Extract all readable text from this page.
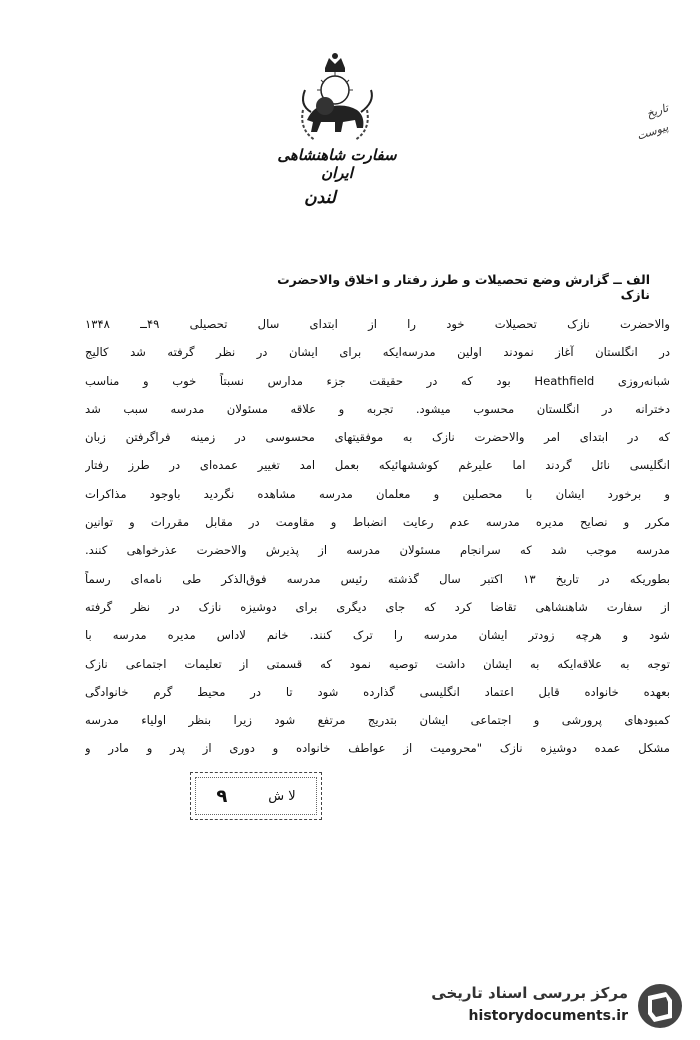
سفارت شاهنشاهی ایران
لندن
تاریخ
پیوست
الف ــ گزارش وضع تحصیلات و طرز رفتار و اخلاق والاحضرت نازک
والاحضرت نازک تحصیلات خود را از ابتدای سال تحصیلی ۴۹ــ ۱۳۴۸
در انگلستان آغاز نمودند اولین مدرسه‌ایکه برای ایشان در نظر گرفته شد کالیج
شبانه‌روزی Heathfield بود که در حقیقت جزء مدارس نسبتاً خوب و مناسب
دخترانه در انگلستان محسوب میشود. تجربه و علاقه مسئولان مدرسه سبب شد
که در ابتدای امر والاحضرت نازک به موفقیتهای محسوسی در زمینه فراگرفتن زبان
انگلیسی نائل گردند اما علیرغم کوششهائیکه بعمل امد تغییر عمده‌ای در طرز رفتار
و برخورد ایشان با محصلین و معلمان مدرسه مشاهده نگردید باوجود مذاکرات
مکرر و نصایح مدیره مدرسه عدم رعایت انضباط و مقاومت در مقابل مقررات و توانین
مدرسه موجب شد که سرانجام مسئولان مدرسه از پذیرش والاحضرت عذرخواهی کنند.
بطوریکه در تاریخ ۱۳ اکتبر سال گذشته رئیس مدرسه فوق‌الذکر طی نامه‌ای رسماً
از سفارت شاهنشاهی تقاضا کرد که جای دیگری برای دوشیزه نازک در نظر گرفته
شود و هرچه زودتر ایشان مدرسه را ترک کنند. خانم لاداس مدیره مدرسه با
توجه به علاقه‌ایکه به ایشان داشت توصیه نمود که قسمتی از تعلیمات اجتماعی نازک
بعهده خانواده قابل اعتماد انگلیسی گذارده شود تا در محیط گرم خانوادگی
کمبودهای پرورشی و اجتماعی ایشان بتدریج مرتفع شود زیرا بنظر اولیاء مدرسه
مشکل عمده دوشیزه نازک "محرومیت از عواطف خانواده و دوری از پدر و مادر و
لا ش
۹
مرکز بررسی اسناد تاریخی
historydocuments.ir
